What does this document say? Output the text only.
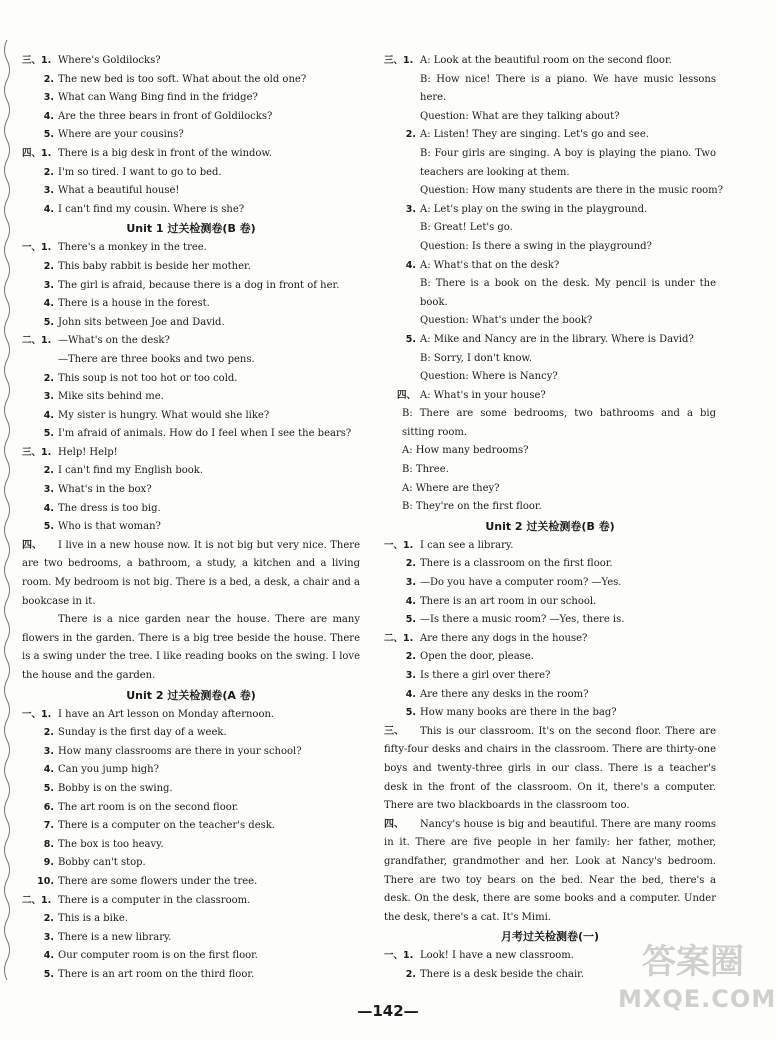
三、1. Where's Goldilocks?
2. The new bed is too soft. What about the old one?
3. What can Wang Bing find in the fridge?
4. Are the three bears in front of Goldilocks?
5. Where are your cousins?
四、1. There is a big desk in front of the window.
2. I'm so tired. I want to go to bed.
3. What a beautiful house!
4. I can't find my cousin. Where is she?
Unit 1 过关检测卷(B 卷)
一、1. There's a monkey in the tree.
2. This baby rabbit is beside her mother.
3. The girl is afraid, because there is a dog in front of her.
4. There is a house in the forest.
5. John sits between Joe and David.
二、1. —What's on the desk?
—There are three books and two pens.
2. This soup is not too hot or too cold.
3. Mike sits behind me.
4. My sister is hungry. What would she like?
5. I'm afraid of animals. How do I feel when I see the bears?
三、1. Help! Help!
2. I can't find my English book.
3. What's in the box?
4. The dress is too big.
5. Who is that woman?
四、 I live in a new house now. It is not big but very nice. There are two bedrooms, a bathroom, a study, a kitchen and a living room. My bedroom is not big. There is a bed, a desk, a chair and a bookcase in it.
There is a nice garden near the house. There are many flowers in the garden. There is a big tree beside the house. There is a swing under the tree. I like reading books on the swing. I love the house and the garden.
Unit 2 过关检测卷(A 卷)
一、1. I have an Art lesson on Monday afternoon.
2. Sunday is the first day of a week.
3. How many classrooms are there in your school?
4. Can you jump high?
5. Bobby is on the swing.
6. The art room is on the second floor.
7. There is a computer on the teacher's desk.
8. The box is too heavy.
9. Bobby can't stop.
10. There are some flowers under the tree.
二、1. There is a computer in the classroom.
2. This is a bike.
3. There is a new library.
4. Our computer room is on the first floor.
5. There is an art room on the third floor.
三、1. A: Look at the beautiful room on the second floor.
B: How nice! There is a piano. We have music lessons here.
Question: What are they talking about?
2. A: Listen! They are singing. Let's go and see.
B: Four girls are singing. A boy is playing the piano. Two teachers are looking at them.
Question: How many students are there in the music room?
3. A: Let's play on the swing in the playground.
B: Great! Let's go.
Question: Is there a swing in the playground?
4. A: What's that on the desk?
B: There is a book on the desk. My pencil is under the book.
Question: What's under the book?
5. A: Mike and Nancy are in the library. Where is David?
B: Sorry, I don't know.
Question: Where is Nancy?
四、 A: What's in your house?
B: There are some bedrooms, two bathrooms and a big sitting room.
A: How many bedrooms?
B: Three.
A: Where are they?
B: They're on the first floor.
Unit 2 过关检测卷(B 卷)
一、1. I can see a library.
2. There is a classroom on the first floor.
3. —Do you have a computer room? —Yes.
4. There is an art room in our school.
5. —Is there a music room? —Yes, there is.
二、1. Are there any dogs in the house?
2. Open the door, please.
3. Is there a girl over there?
4. Are there any desks in the room?
5. How many books are there in the bag?
三、 This is our classroom. It's on the second floor. There are fifty-four desks and chairs in the classroom. There are thirty-one boys and twenty-three girls in our class. There is a teacher's desk in the front of the classroom. On it, there's a computer. There are two blackboards in the classroom too.
四、 Nancy's house is big and beautiful. There are many rooms in it. There are five people in her family: her father, mother, grandfather, grandmother and her. Look at Nancy's bedroom. There are two toy bears on the bed. Near the bed, there's a desk. On the desk, there are some books and a computer. Under the desk, there's a cat. It's Mimi.
月考过关检测卷(一)
一、1. Look! I have a new classroom.
2. There is a desk beside the chair.
—142—
答案圈
MXQE.COM
